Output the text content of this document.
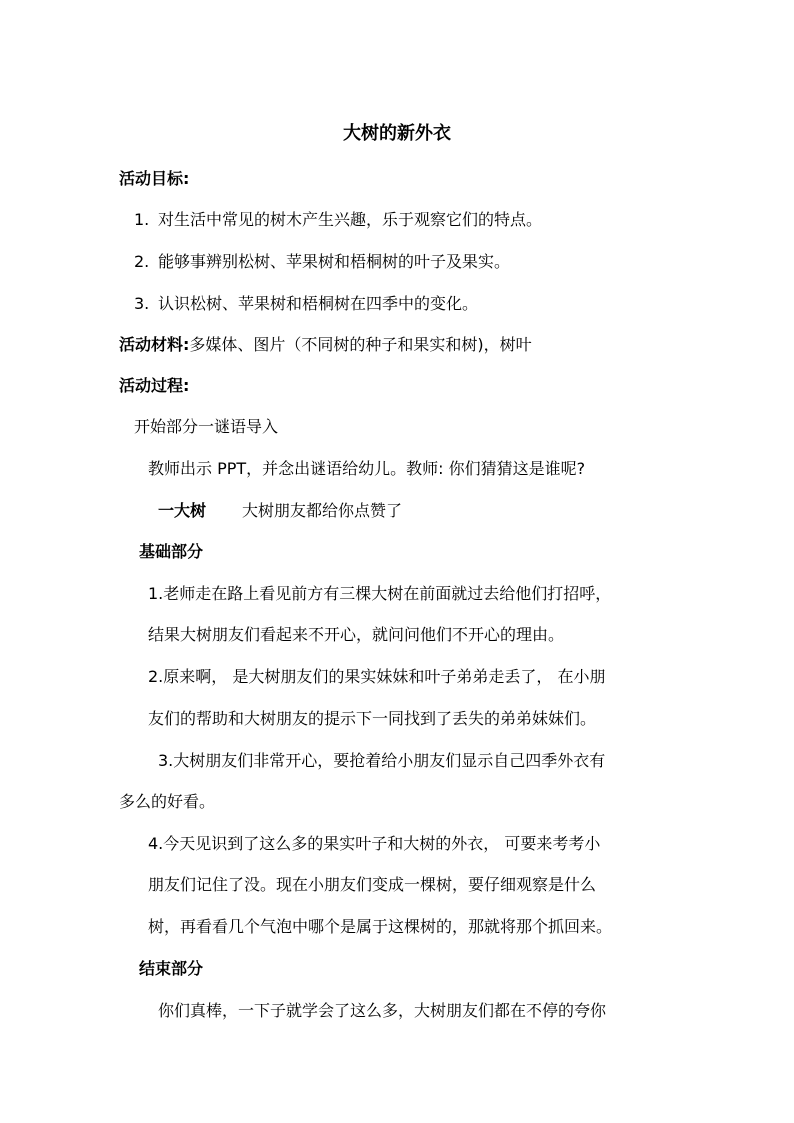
大树的新外衣
活动目标:
1. 对生活中常见的树木产生兴趣，乐于观察它们的特点。
2. 能够事辨别松树、苹果树和梧桐树的叶子及果实。
3. 认识松树、苹果树和梧桐树在四季中的变化。
活动材料:多媒体、图片（不同树的种子和果实和树)，树叶
活动过程:
开始部分一谜语导入
教师出示 PPT，并念出谜语给幼儿。教师: 你们猜猜这是谁呢?
一大树 大树朋友都给你点赞了
基础部分
1.老师走在路上看见前方有三棵大树在前面就过去给他们打招呼，
结果大树朋友们看起来不开心，就问问他们不开心的理由。
2.原来啊， 是大树朋友们的果实妹妹和叶子弟弟走丢了， 在小朋
友们的帮助和大树朋友的提示下一同找到了丢失的弟弟妹妹们。
3.大树朋友们非常开心，要抢着给小朋友们显示自己四季外衣有
多么的好看。
4.今天见识到了这么多的果实叶子和大树的外衣， 可要来考考小
朋友们记住了没。现在小朋友们变成一棵树，要仔细观察是什么
树，再看看几个气泡中哪个是属于这棵树的，那就将那个抓回来。
结束部分
你们真棒，一下子就学会了这么多，大树朋友们都在不停的夸你
